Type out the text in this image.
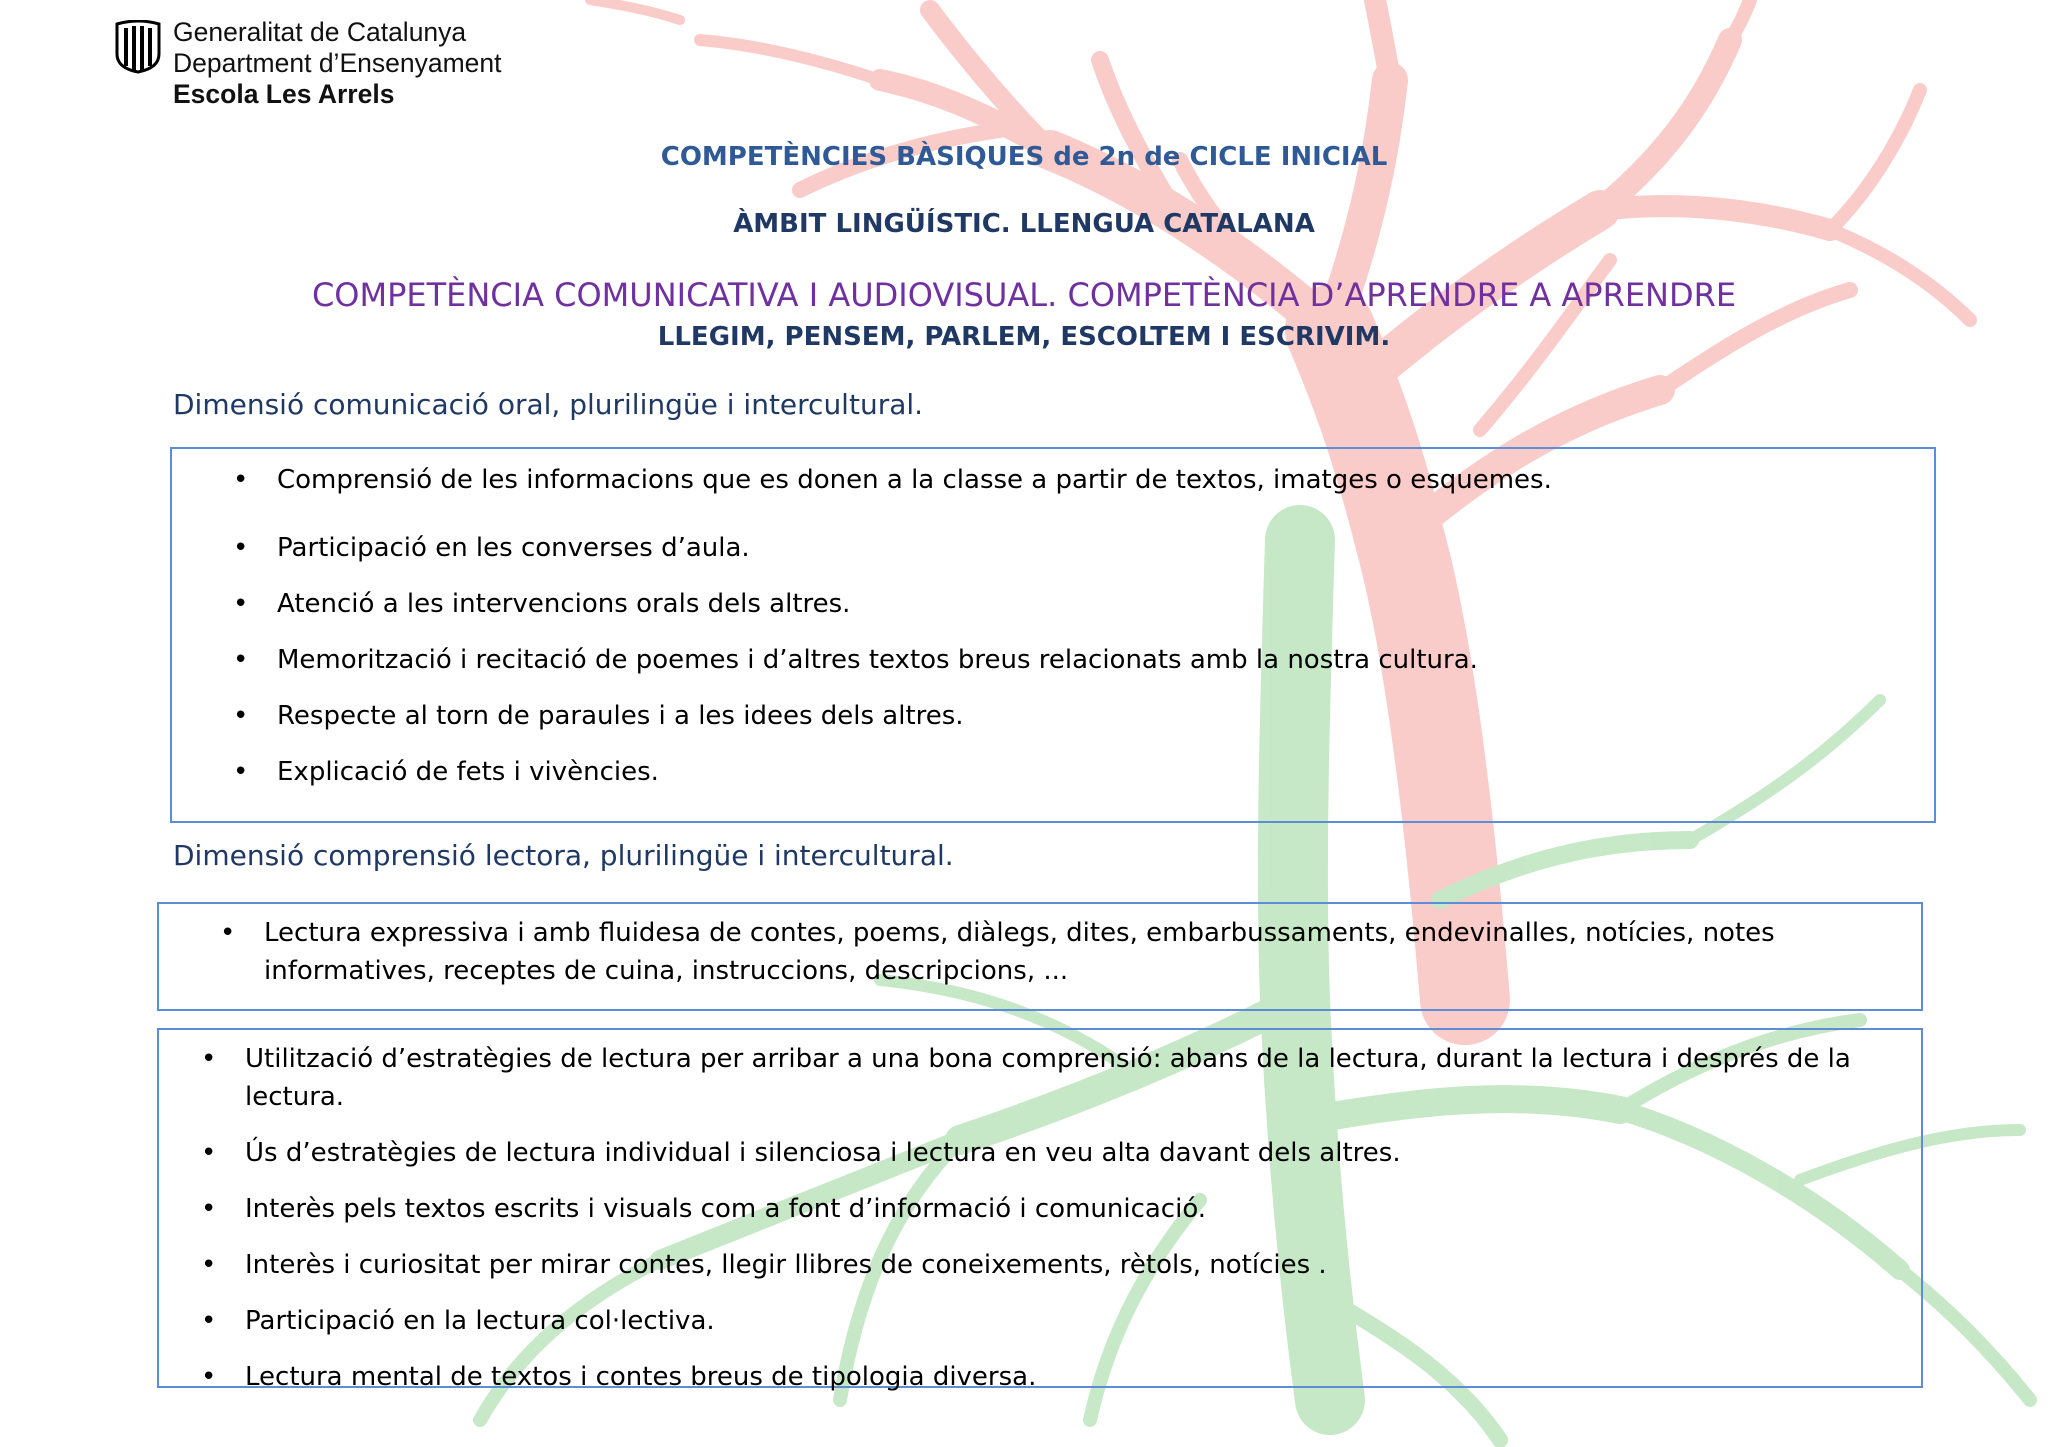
Generalitat de Catalunya
Department d’Ensenyament
Escola Les Arrels
COMPETÈNCIES BÀSIQUES de 2n de CICLE INICIAL
ÀMBIT LINGÜÍSTIC. LLENGUA CATALANA
COMPETÈNCIA COMUNICATIVA I AUDIOVISUAL. COMPETÈNCIA D’APRENDRE A APRENDRE
LLEGIM, PENSEM, PARLEM, ESCOLTEM I ESCRIVIM.
Dimensió comunicació oral, plurilingüe i intercultural.
• Comprensió de les informacions que es donen a la classe a partir de textos, imatges o esquemes.
• Participació en les converses d’aula.
• Atenció a les intervencions orals dels altres.
• Memorització i recitació de poemes i d’altres textos breus relacionats amb la nostra cultura.
• Respecte al torn de paraules i a les idees dels altres.
• Explicació de fets i vivències.
Dimensió comprensió lectora, plurilingüe i intercultural.
• Lectura expressiva i amb fluidesa de contes, poems, diàlegs, dites, embarbussaments, endevinalles, notícies, notes informatives, receptes de cuina, instruccions, descripcions, ...
• Utilització d’estratègies de lectura per arribar a una bona comprensió: abans de la lectura, durant la lectura i després de la lectura.
• Ús d’estratègies de lectura individual i silenciosa i lectura en veu alta davant dels altres.
• Interès pels textos escrits i visuals com a font d’informació i comunicació.
• Interès i curiositat per mirar contes, llegir llibres de coneixements, rètols, notícies .
• Participació en la lectura col·lectiva.
• Lectura mental de textos i contes breus de tipologia diversa.
